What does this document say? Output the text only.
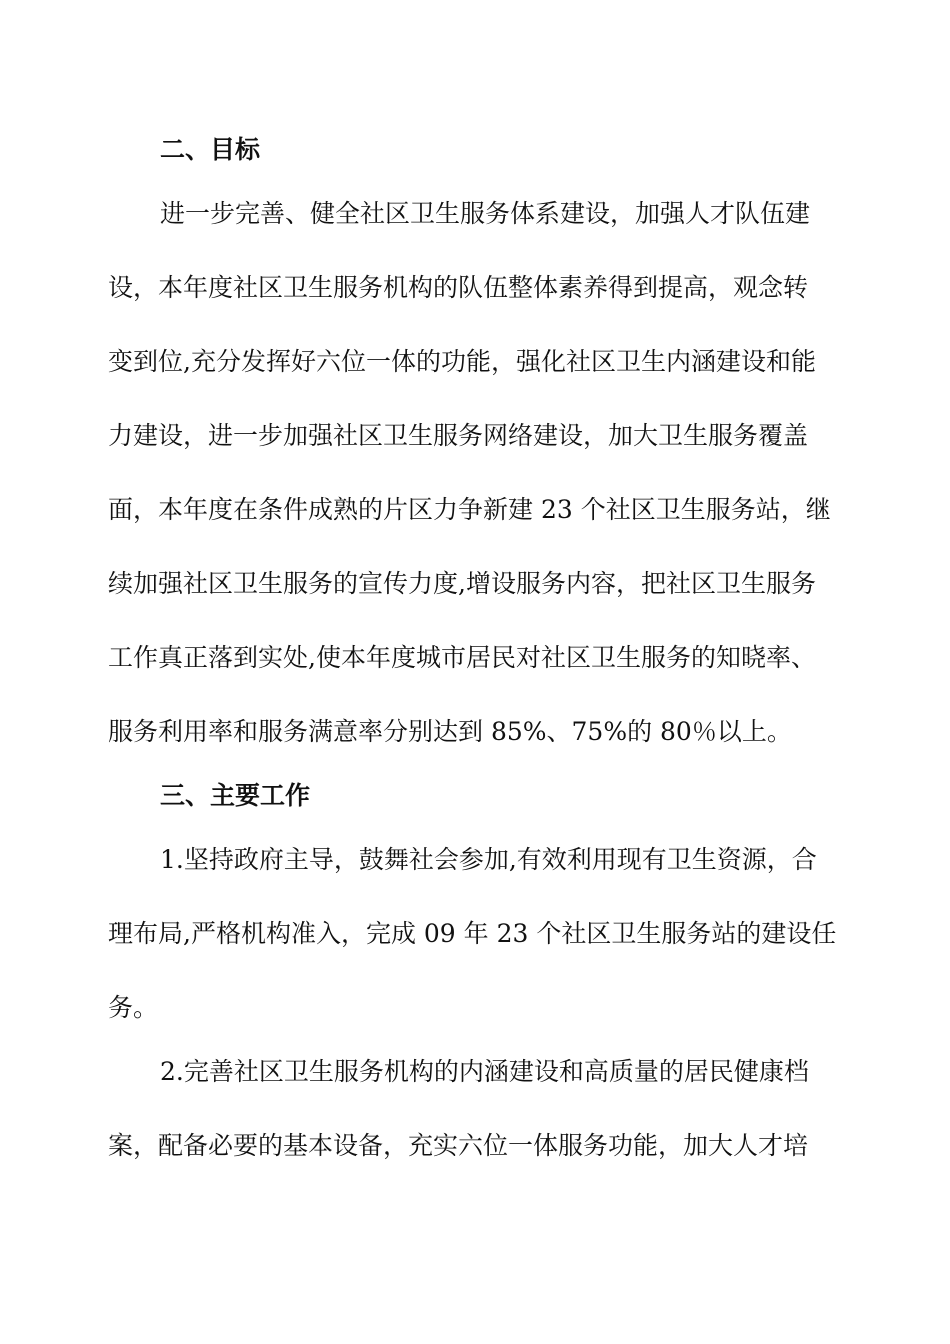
二、目标
进一步完善、健全社区卫生服务体系建设，加强人才队伍建
设，本年度社区卫生服务机构的队伍整体素养得到提高，观念转
变到位,充分发挥好六位一体的功能，强化社区卫生内涵建设和能
力建设，进一步加强社区卫生服务网络建设，加大卫生服务覆盖
面，本年度在条件成熟的片区力争新建 23 个社区卫生服务站，继
续加强社区卫生服务的宣传力度,增设服务内容，把社区卫生服务
工作真正落到实处,使本年度城市居民对社区卫生服务的知晓率、
服务利用率和服务满意率分别达到 85%、75%的 80％以上。
三、主要工作
1.坚持政府主导，鼓舞社会参加,有效利用现有卫生资源，合
理布局,严格机构准入，完成 09 年 23 个社区卫生服务站的建设任
务。
2.完善社区卫生服务机构的内涵建设和高质量的居民健康档
案，配备必要的基本设备，充实六位一体服务功能，加大人才培
